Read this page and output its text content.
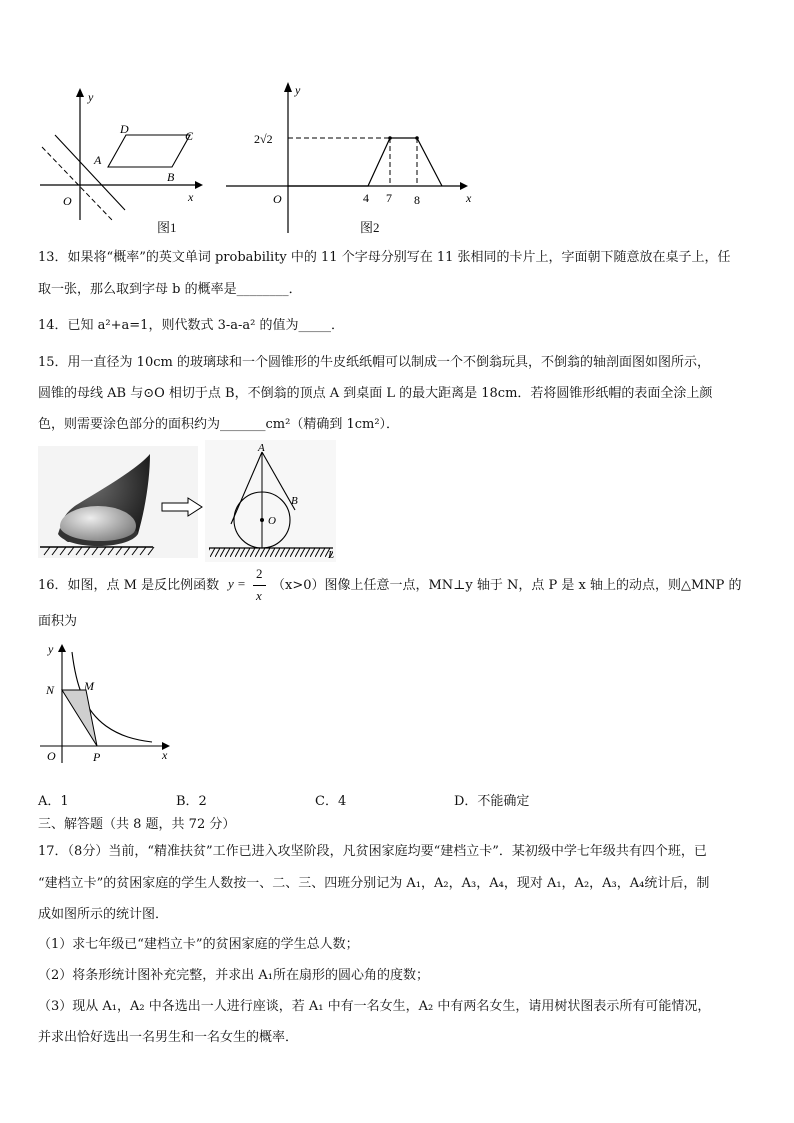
y
x
O
A
B
C
D
图1
y
x
O
2√2
4 7 8
图2
13．如果将“概率”的英文单词 probability 中的 11 个字母分别写在 11 张相同的卡片上，字面朝下随意放在桌子上，任
取一张，那么取到字母 b 的概率是________．
14．已知 a²+a=1，则代数式 3-a-a² 的值为_____．
15．用一直径为 10cm 的玻璃球和一个圆锥形的牛皮纸纸帽可以制成一个不倒翁玩具，不倒翁的轴剖面图如图所示，
圆锥的母线 AB 与⊙O 相切于点 B，不倒翁的顶点 A 到桌面 L 的最大距离是 18cm．若将圆锥形纸帽的表面全涂上颜
色，则需要涂色部分的面积约为_______cm²（精确到 1cm²）．
A
B
O
L
16．如图，点 M 是反比例函数 y =
2
x
（x>0）图像上任意一点，MN⊥y 轴于 N，点 P 是 x 轴上的动点，则△MNP 的
面积为
y
x
O
N M
P
A．1	B．2	C．4	D．不能确定
三、解答题（共 8 题，共 72 分）
17．（8分）当前，“精准扶贫”工作已进入攻坚阶段，凡贫困家庭均要“建档立卡”．某初级中学七年级共有四个班，已
“建档立卡”的贫困家庭的学生人数按一、二、三、四班分别记为 A₁，A₂，A₃，A₄，现对 A₁，A₂，A₃，A₄统计后，制
成如图所示的统计图．
（1）求七年级已“建档立卡”的贫困家庭的学生总人数；
（2）将条形统计图补充完整，并求出 A₁所在扇形的圆心角的度数；
（3）现从 A₁，A₂ 中各选出一人进行座谈，若 A₁ 中有一名女生，A₂ 中有两名女生，请用树状图表示所有可能情况，
并求出恰好选出一名男生和一名女生的概率．
